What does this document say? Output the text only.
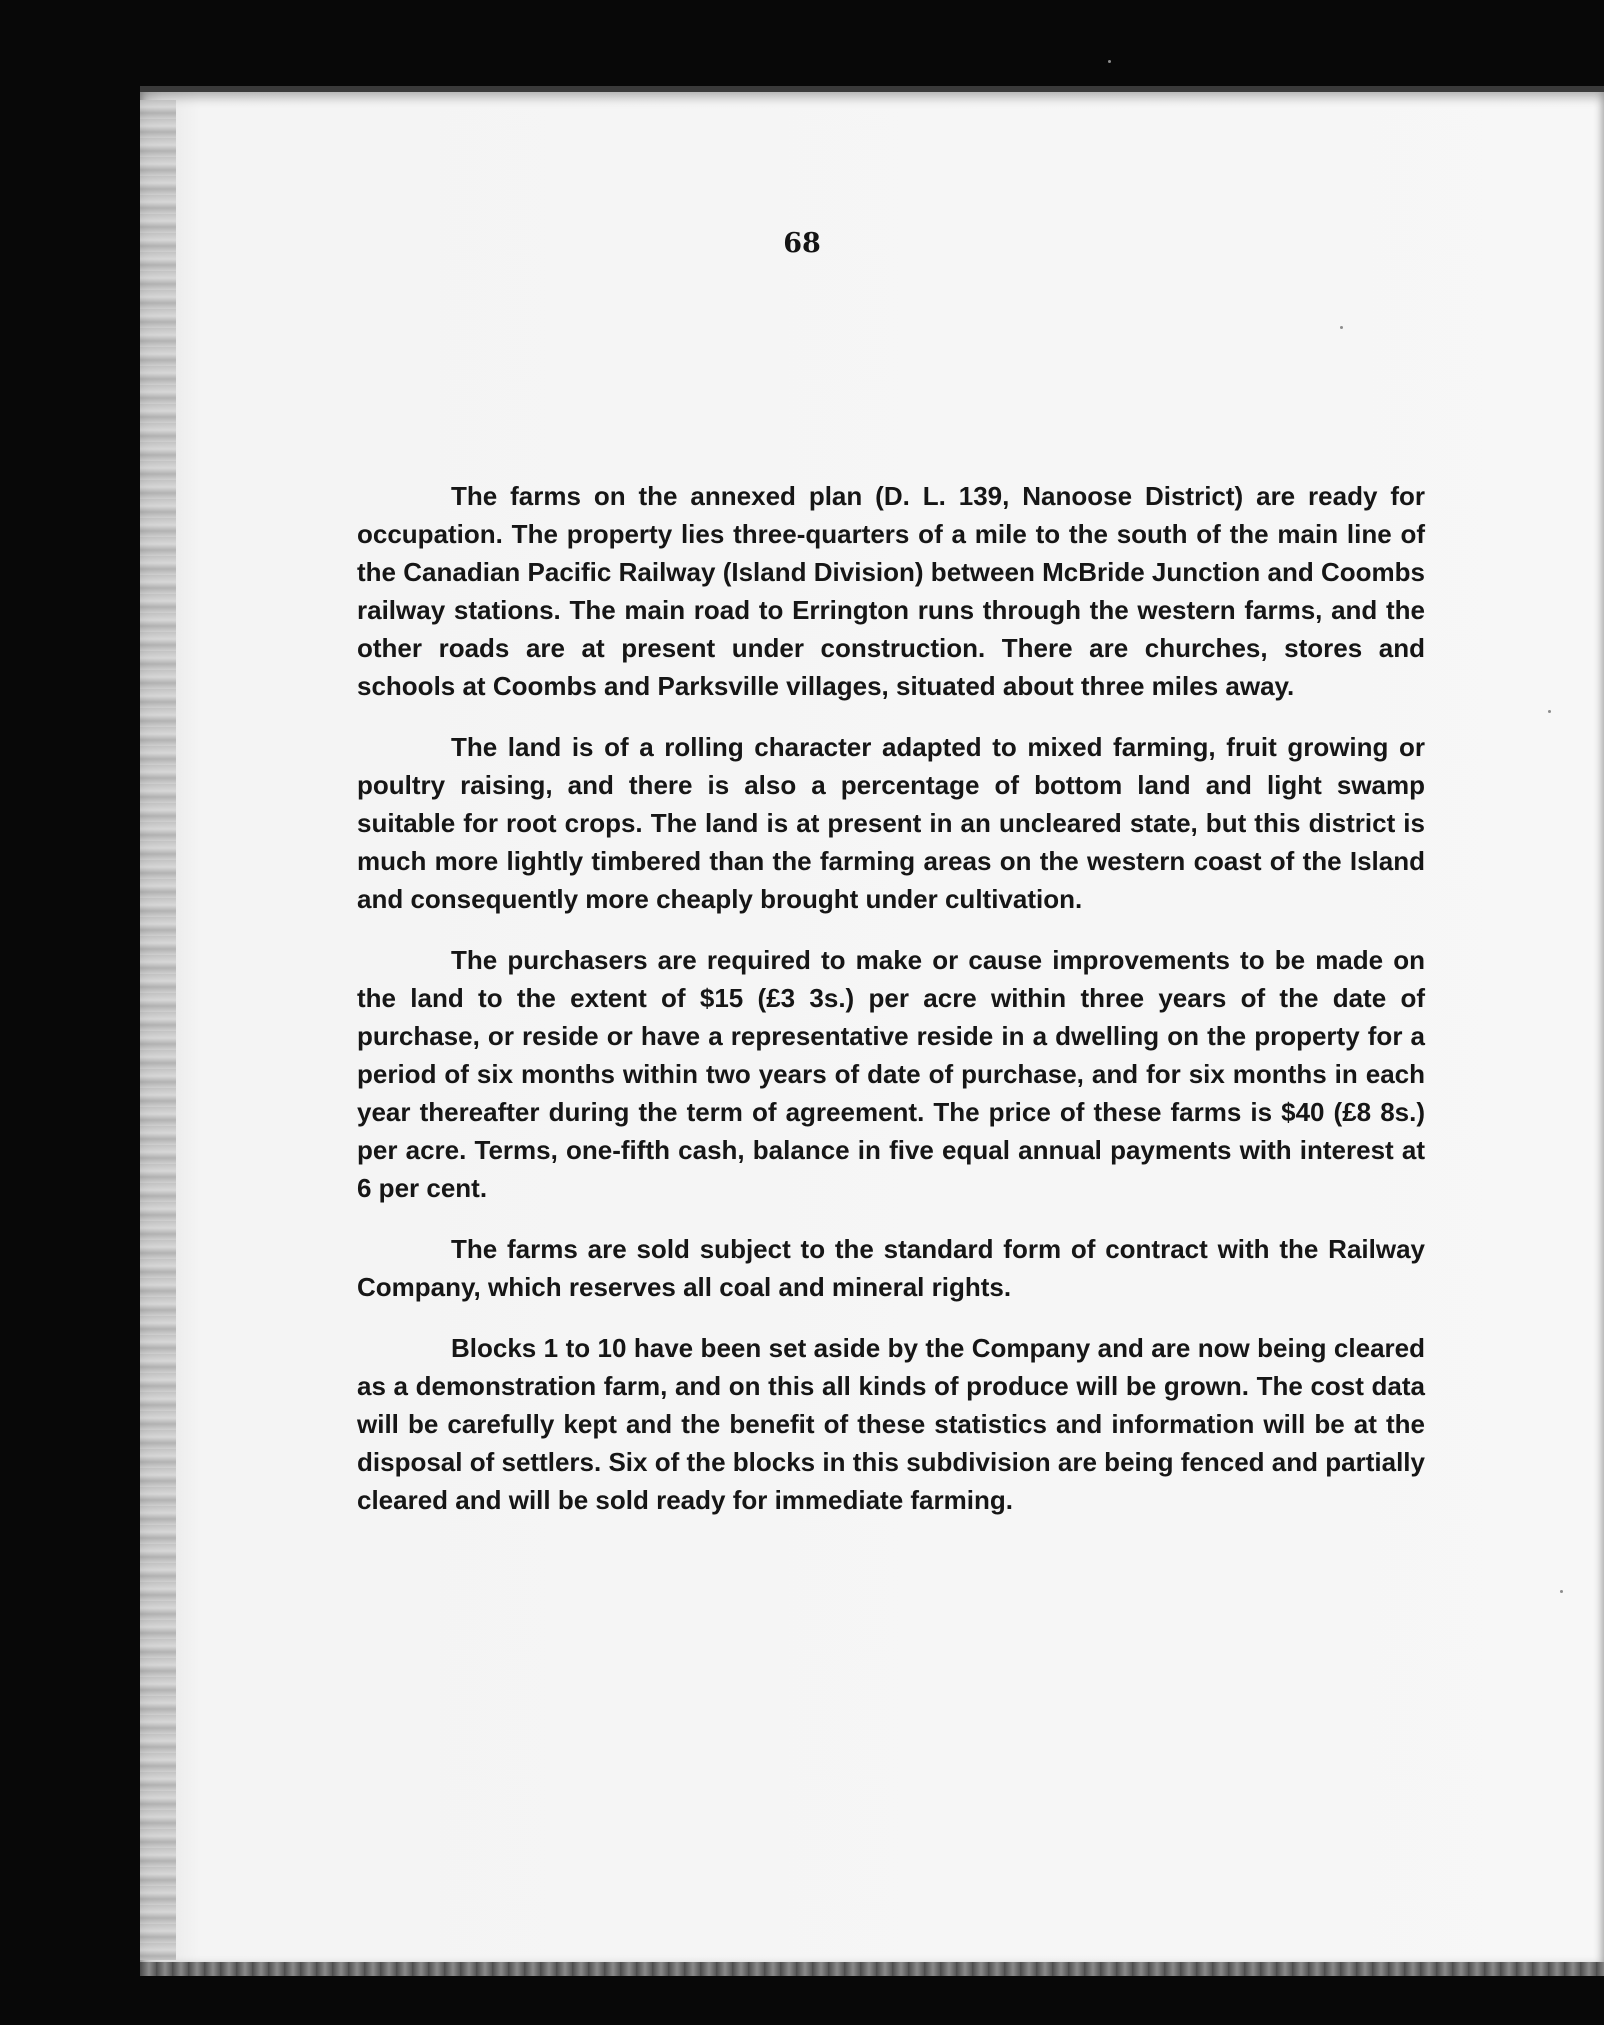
68

The farms on the annexed plan (D. L. 139, Nanoose District) are ready for occupation. The property lies three-quarters of a mile to the south of the main line of the Canadian Pacific Railway (Island Division) between McBride Junction and Coombs railway stations. The main road to Errington runs through the western farms, and the other roads are at present under construction. There are churches, stores and schools at Coombs and Parksville villages, situated about three miles away.

The land is of a rolling character adapted to mixed farming, fruit growing or poultry raising, and there is also a percentage of bottom land and light swamp suitable for root crops. The land is at present in an uncleared state, but this district is much more lightly timbered than the farming areas on the western coast of the Island and consequently more cheaply brought under cultivation.

The purchasers are required to make or cause improvements to be made on the land to the extent of $15 (£3 3s.) per acre within three years of the date of purchase, or reside or have a representative reside in a dwelling on the property for a period of six months within two years of date of purchase, and for six months in each year thereafter during the term of agreement. The price of these farms is $40 (£8 8s.) per acre. Terms, one-fifth cash, balance in five equal annual payments with interest at 6 per cent.

The farms are sold subject to the standard form of contract with the Railway Company, which reserves all coal and mineral rights.

Blocks 1 to 10 have been set aside by the Company and are now being cleared as a demonstration farm, and on this all kinds of produce will be grown. The cost data will be carefully kept and the benefit of these statistics and information will be at the disposal of settlers. Six of the blocks in this subdivision are being fenced and partially cleared and will be sold ready for immediate farming.
